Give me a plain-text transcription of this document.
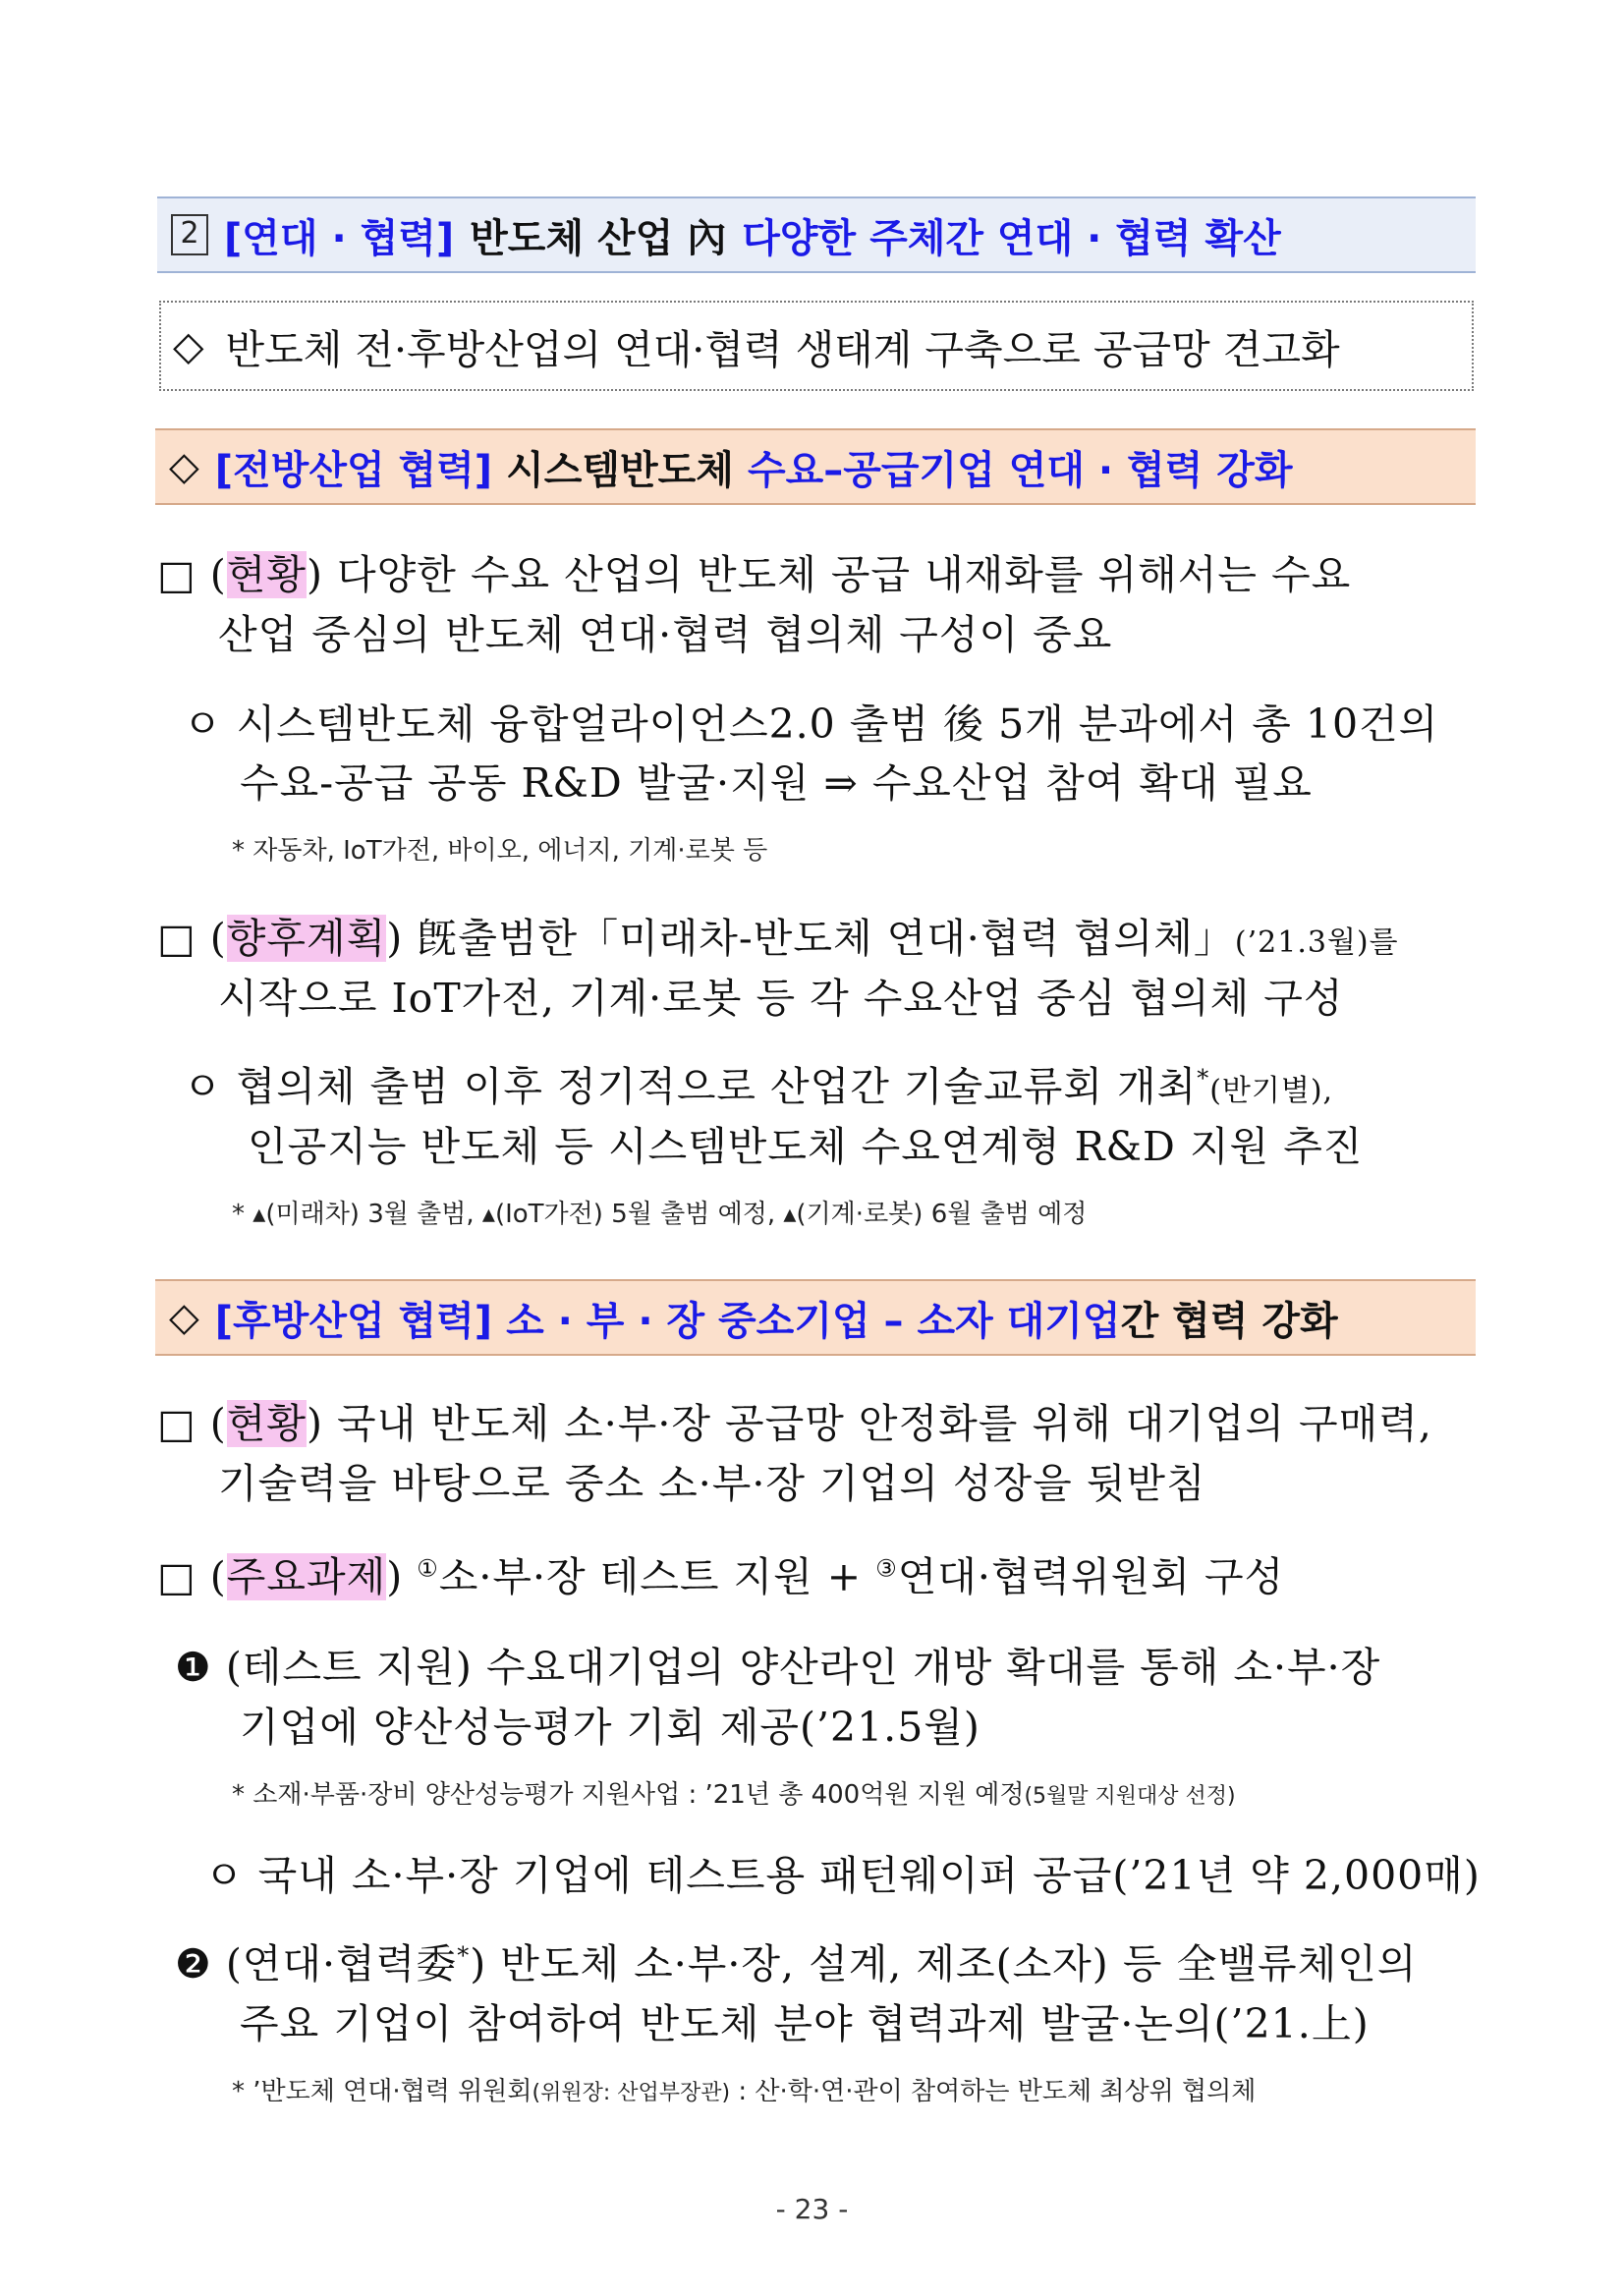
2 [연대 · 협력] 반도체 산업 內 다양한 주체간 연대 · 협력 확산
◇ 반도체 전·후방산업의 연대·협력 생태계 구축으로 공급망 견고화
◇ [전방산업 협력] 시스템반도체 수요–공급기업 연대 · 협력 강화
□ (현황) 다양한 수요 산업의 반도체 공급 내재화를 위해서는 수요
산업 중심의 반도체 연대·협력 협의체 구성이 중요
ㅇ 시스템반도체 융합얼라이언스2.0 출범 後 5개 분과에서 총 10건의
수요-공급 공동 R&D 발굴·지원 ⇒ 수요산업 참여 확대 필요
* 자동차, IoT가전, 바이오, 에너지, 기계·로봇 등
□ (향후계획) 旣출범한「미래차-반도체 연대·협력 협의체」(’21.3월)를
시작으로 IoT가전, 기계·로봇 등 각 수요산업 중심 협의체 구성
ㅇ 협의체 출범 이후 정기적으로 산업간 기술교류회 개최*(반기별),
인공지능 반도체 등 시스템반도체 수요연계형 R&D 지원 추진
* ▴(미래차) 3월 출범, ▴(IoT가전) 5월 출범 예정, ▴(기계·로봇) 6월 출범 예정
◇ [후방산업 협력] 소 · 부 · 장 중소기업 – 소자 대기업 간 협력 강화
□ (현황) 국내 반도체 소·부·장 공급망 안정화를 위해 대기업의 구매력,
기술력을 바탕으로 중소 소·부·장 기업의 성장을 뒷받침
□ (주요과제) ①소·부·장 테스트 지원 + ③연대·협력위원회 구성
❶ (테스트 지원) 수요대기업의 양산라인 개방 확대를 통해 소·부·장
기업에 양산성능평가 기회 제공(’21.5월)
* 소재·부품·장비 양산성능평가 지원사업 : ’21년 총 400억원 지원 예정(5월말 지원대상 선정)
ㅇ 국내 소·부·장 기업에 테스트용 패턴웨이퍼 공급(’21년 약 2,000매)
❷ (연대·협력委*) 반도체 소·부·장, 설계, 제조(소자) 등 全밸류체인의
주요 기업이 참여하여 반도체 분야 협력과제 발굴·논의(’21.上)
* ’반도체 연대·협력 위원회(위원장: 산업부장관) : 산·학·연·관이 참여하는 반도체 최상위 협의체
- 23 -
